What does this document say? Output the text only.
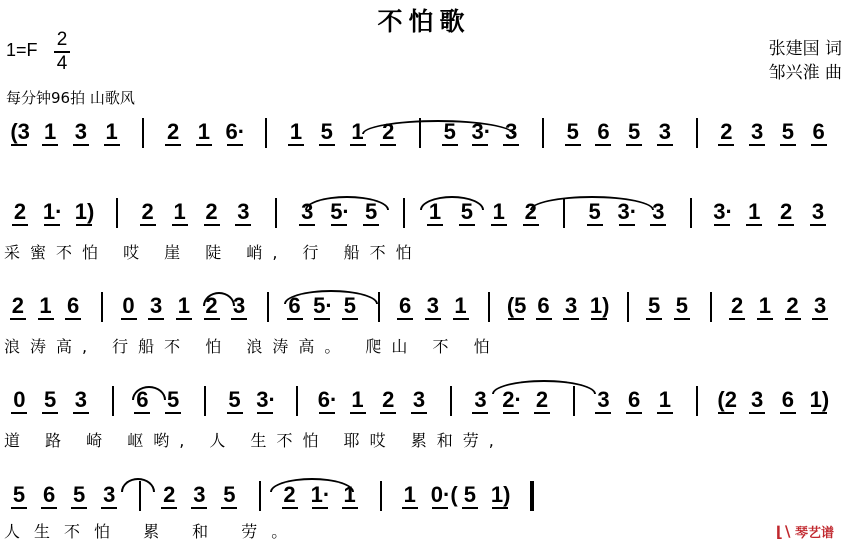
不怕歌
1=F 2
4
张建国 词
邹兴淮 曲
每分钟96拍 山歌风
(3 1 3 1 2 1 6· 1 5 1 2 5 3· 3 5 6 5 3 2 3 5 6
2 1· 1) 2 1 2 3 3 5· 5 1 5 1 2 5 3· 3 3· 1 2 3
采蜜不怕 哎 崖 陡 峭, 行 船不怕
2 1 6 0 3 1 2 3 6 5· 5 6 3 1 (5 6 3 1) 5 5 2 1 2 3
浪涛高, 行船不 怕 浪涛高。 爬山 不 怕
0 5 3 6 5 5 3· 6· 1 2 3 3 2· 2 3 6 1 (2 3 6 1)
道 路 崎 岖哟, 人 生不怕 耶哎 累和劳,
5 6 5 3 2 3 5 2 1· 1 1 0·( 5 1)
人生不怕 累 和 劳。	⌊∖ 琴艺谱
